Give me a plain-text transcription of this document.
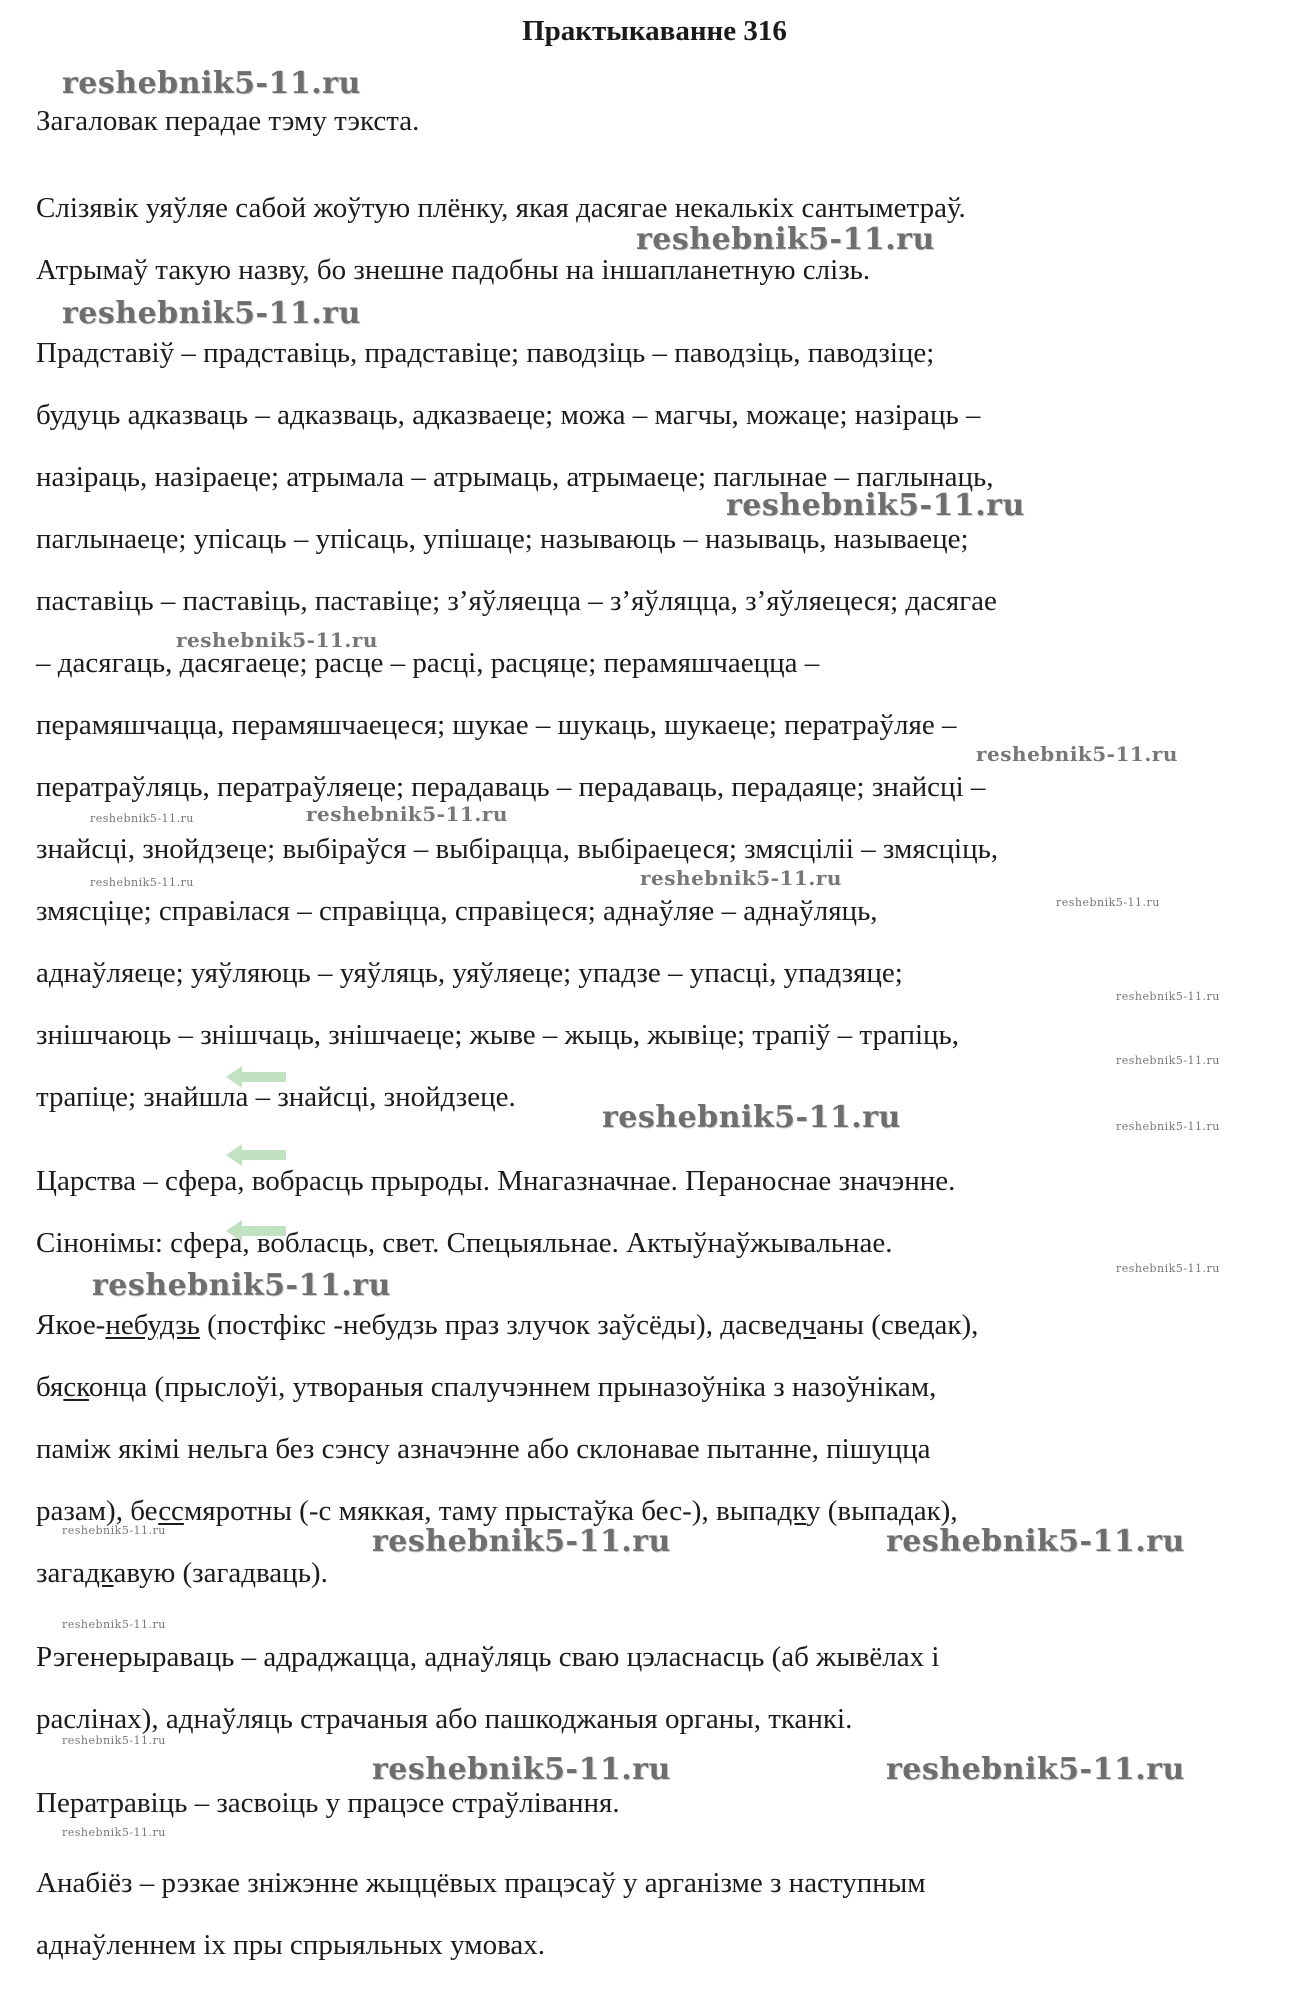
Практыкаванне 316
reshebnik5-11.ru
reshebnik5-11.ru
reshebnik5-11.ru
reshebnik5-11.ru
reshebnik5-11.ru
reshebnik5-11.ru
reshebnik5-11.ru	reshebnik5-11.ru
reshebnik5-11.ru	reshebnik5-11.ru
reshebnik5-11.ru
reshebnik5-11.ru
reshebnik5-11.ru
reshebnik5-11.ru	reshebnik5-11.ru
reshebnik5-11.ru
reshebnik5-11.ru
reshebnik5-11.ru	reshebnik5-11.ru	reshebnik5-11.ru
reshebnik5-11.ru
reshebnik5-11.ru
reshebnik5-11.ru	reshebnik5-11.ru
reshebnik5-11.ru
Загаловак перадае тэму тэкста.
Слізявік уяўляе сабой жоўтую плёнку, якая дасягае некалькіх сантыметраў.
Атрымаў такую назву, бо знешне падобны на іншапланетную слізь.
Прадставіў – прадставіць, прадставіце; паводзіць – паводзіць, паводзіце;
будуць адказваць – адказваць, адказваеце; можа – магчы, можаце; назіраць –
назіраць, назіраеце; атрымала – атрымаць, атрымаеце; паглынае – паглынаць,
паглынаеце; упісаць – упісаць, упішаце; называюць – называць, называеце;
паставіць – паставіць, паставіце; з’яўляецца – з’яўляцца, з’яўляецеся; дасягае
– дасягаць, дасягаеце; расце – расці, расцяце; перамяшчаецца –
перамяшчацца, перамяшчаецеся; шукае – шукаць, шукаеце; ператраўляе –
ператраўляць, ператраўляеце; перадаваць – перадаваць, перадаяце; знайсці –
знайсці, знойдзеце; выбіраўся – выбірацца, выбіраецеся; змясціліі – змясціць,
змясціце; справілася – справіцца, справіцеся; аднаўляе – аднаўляць,
аднаўляеце; уяўляюць – уяўляць, уяўляеце; упадзе – упасці, упадзяце;
знішчаюць – знішчаць, знішчаеце; жыве – жыць, жывіце; трапіў – трапіць,
трапіце; знайшла – знайсці, знойдзеце.
Царства – сфера, вобрасць прыроды. Мнагазначнае. Пераноснае значэнне.
Сінонімы: сфера, вобласць, свет. Спецыяльнае. Актыўнаўжывальнае.
Якое-небудзь (постфікс -небудзь праз злучок заўсёды), дасведчаны (сведак),
бясконца (прыслоўі, утвораныя спалучэннем прыназоўніка з назоўнікам,
паміж якімі нельга без сэнсу азначэнне або склонавае пытанне, пішуцца
разам), бессмяротны (-с мяккая, таму прыстаўка бес-), выпадку (выпадак),
загадкавую (загадваць).
Рэгенерыраваць – адраджацца, аднаўляць сваю цэласнасць (аб жывёлах і
раслінах), аднаўляць страчаныя або пашкоджаныя органы, тканкі.
Ператравіць – засвоіць у працэсе страўлівання.
Анабіёз – рэзкае зніжэнне жыццёвых працэсаў у арганізме з наступным
аднаўленнем іх пры спрыяльных умовах.
